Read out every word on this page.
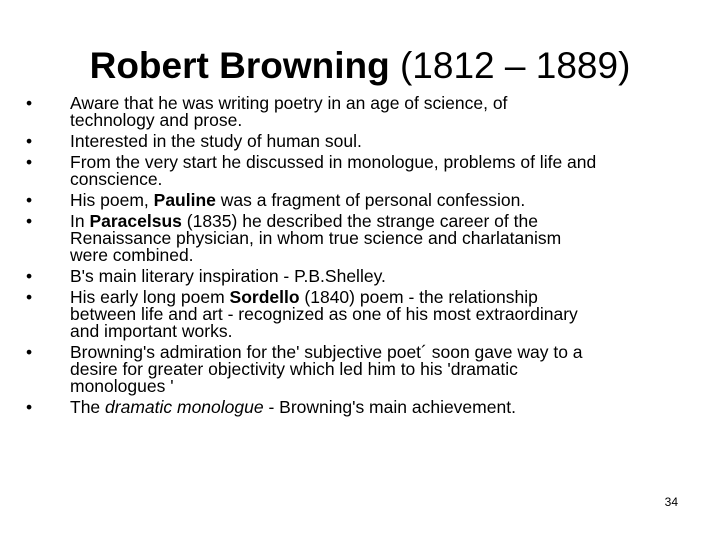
Robert Browning (1812 – 1889)
•	Aware that he was writing poetry in an age of science, of
technology and prose.
•	Interested in the study of human soul.
•	From the very start he discussed in monologue, problems of life and
conscience.
•	His poem, Pauline was a fragment of personal confession.
•	In Paracelsus (1835) he described the strange career of the
Renaissance physician, in whom true science and charlatanism
were combined.
•	B's main literary inspiration - P.B.Shelley.
•	His early long poem Sordello (1840) poem - the relationship
between life and art - recognized as one of his most extraordinary
and important works.
•	Browning's admiration for the' subjective poet´ soon gave way to a
desire for greater objectivity which led him to his 'dramatic
monologues '
•	The dramatic monologue - Browning's main achievement.
34
